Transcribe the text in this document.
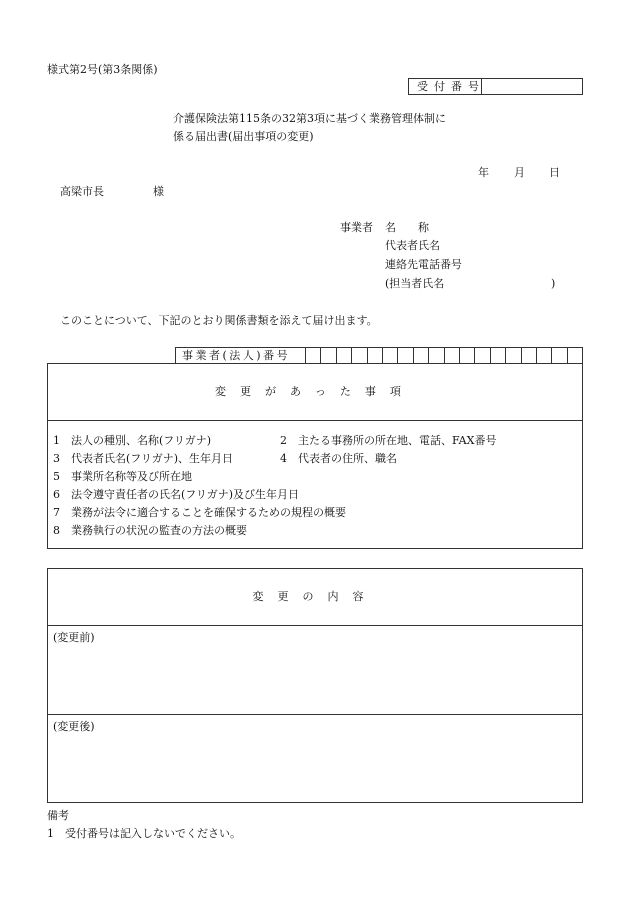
様式第2号(第3条関係)
受付番号
介護保険法第115条の32第3項に基づく業務管理体制に
係る届出書(届出事項の変更)
年 月 日
高梁市長	様
事業者 名　　称
代表者氏名
連絡先電話番号
(担当者氏名	)
このことについて、下記のとおり関係書類を添えて届け出ます。
事業者(法人)番号
変更があった事項
1　法人の種別、名称(フリガナ)	2　主たる事務所の所在地、電話、FAX番号
3　代表者氏名(フリガナ)、生年月日	4　代表者の住所、職名
5　事業所名称等及び所在地
6　法令遵守責任者の氏名(フリガナ)及び生年月日
7　業務が法令に適合することを確保するための規程の概要
8　業務執行の状況の監査の方法の概要
変更の内容
(変更前)
(変更後)
備考
1　受付番号は記入しないでください。
